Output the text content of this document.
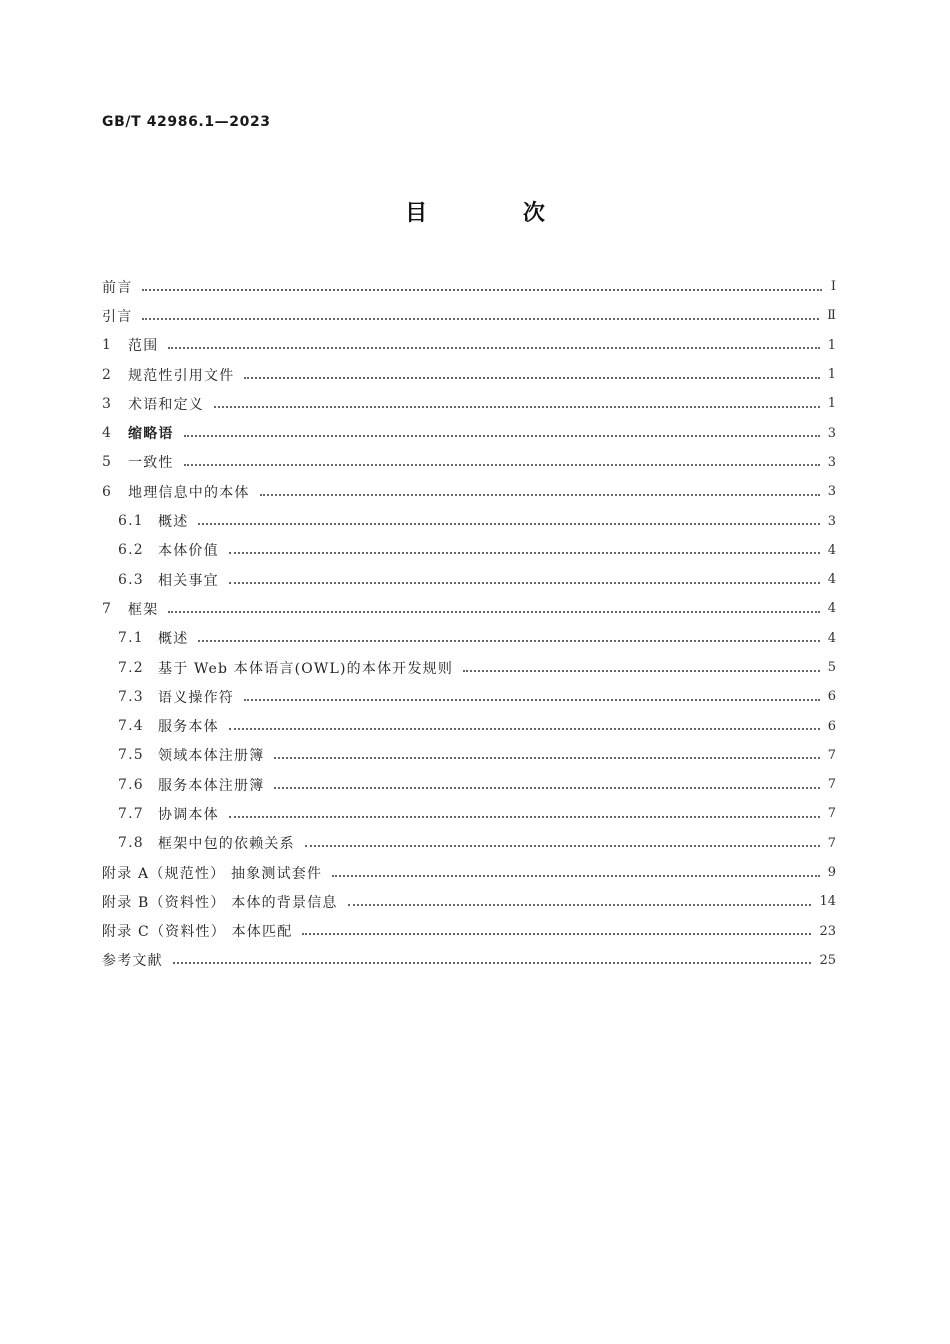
GB/T 42986.1—2023
目 次
前言	Ⅰ
引言	Ⅱ
1	范围	1
2	规范性引用文件	1
3	术语和定义	1
4	缩略语	3
5	一致性	3
6	地理信息中的本体	3
6.1	概述	3
6.2	本体价值	4
6.3	相关事宜	4
7	框架	4
7.1	概述	4
7.2	基于 Web 本体语言(OWL)的本体开发规则	5
7.3	语义操作符	6
7.4	服务本体	6
7.5	领域本体注册簿	7
7.6	服务本体注册簿	7
7.7	协调本体	7
7.8	框架中包的依赖关系	7
附录 A（规范性） 抽象测试套件	9
附录 B（资料性） 本体的背景信息	14
附录 C（资料性） 本体匹配	23
参考文献	25
